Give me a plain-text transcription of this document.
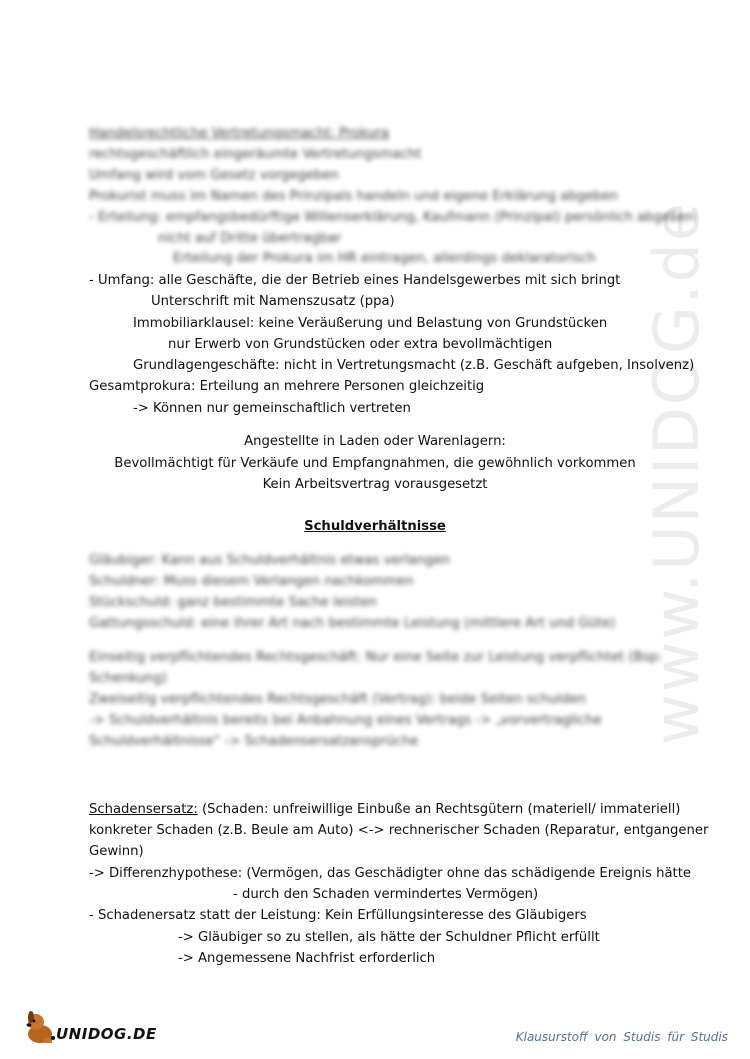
www.UNIDOG.de
Handelsrechtliche Vertretungsmacht: Prokura
rechtsgeschäftlich eingeräumte Vertretungsmacht
Umfang wird vom Gesetz vorgegeben
Prokurist muss im Namen des Prinzipals handeln und eigene Erklärung abgeben
- Erteilung: empfangsbedürftige Willenserklärung, Kaufmann (Prinzipal) persönlich abgeben
nicht auf Dritte übertragbar
Erteilung der Prokura im HR eintragen, allerdings deklaratorisch
- Umfang: alle Geschäfte, die der Betrieb eines Handelsgewerbes mit sich bringt
Unterschrift mit Namenszusatz (ppa)
Immobiliarklausel: keine Veräußerung und Belastung von Grundstücken
nur Erwerb von Grundstücken oder extra bevollmächtigen
Grundlagengeschäfte: nicht in Vertretungsmacht (z.B. Geschäft aufgeben, Insolvenz)
Gesamtprokura: Erteilung an mehrere Personen gleichzeitig
-> Können nur gemeinschaftlich vertreten
Angestellte in Laden oder Warenlagern:
Bevollmächtigt für Verkäufe und Empfangnahmen, die gewöhnlich vorkommen
Kein Arbeitsvertrag vorausgesetzt
Schuldverhältnisse
Gläubiger: Kann aus Schuldverhältnis etwas verlangen
Schuldner: Muss diesem Verlangen nachkommen
Stückschuld: ganz bestimmte Sache leisten
Gattungsschuld: eine ihrer Art nach bestimmte Leistung (mittlere Art und Güte)
Einseitig verpflichtendes Rechtsgeschäft: Nur eine Seite zur Leistung verpflichtet (Bsp:
Schenkung)
Zweiseitig verpflichtendes Rechtsgeschäft (Vertrag): beide Seiten schulden
-> Schuldverhältnis bereits bei Anbahnung eines Vertrags -> „vorvertragliche
Schuldverhältnisse“ -> Schadensersatzansprüche
Schadensersatz: (Schaden: unfreiwillige Einbuße an Rechtsgütern (materiell/ immateriell)
konkreter Schaden (z.B. Beule am Auto) <-> rechnerischer Schaden (Reparatur, entgangener
Gewinn)
-> Differenzhypothese: (Vermögen, das Geschädigter ohne das schädigende Ereignis hätte
- durch den Schaden vermindertes Vermögen)
- Schadenersatz statt der Leistung: Kein Erfüllungsinteresse des Gläubigers
-> Gläubiger so zu stellen, als hätte der Schuldner Pflicht erfüllt
-> Angemessene Nachfrist erforderlich
UNIDOG.DE	Klausurstoff von Studis für Studis
